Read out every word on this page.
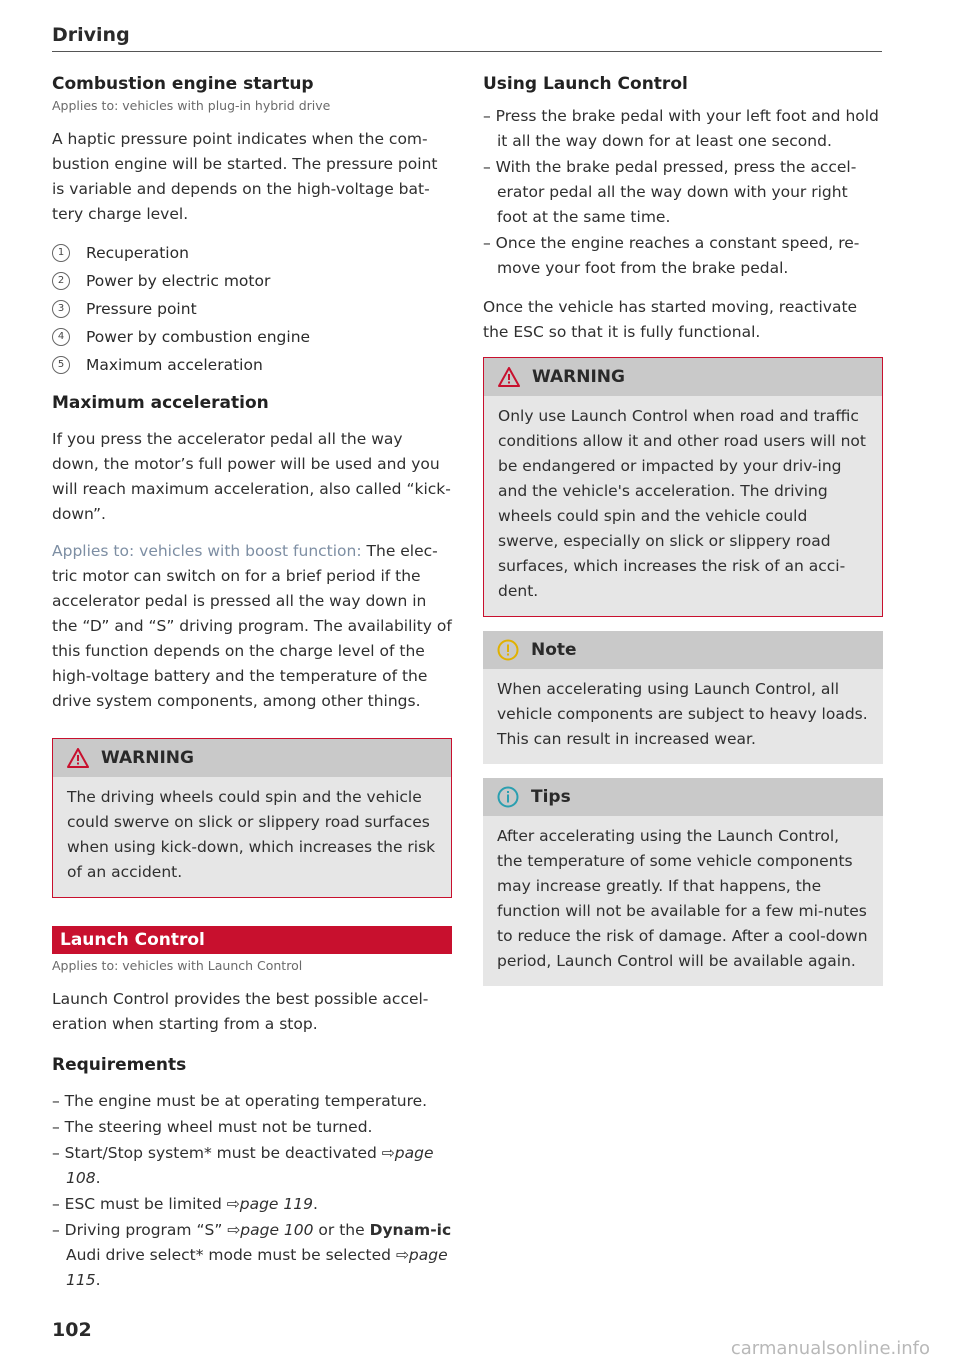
Driving
Combustion engine startup
Applies to: vehicles with plug-in hybrid drive

A haptic pressure point indicates when the com-bustion engine will be started. The pressure point is variable and depends on the high-voltage bat-tery charge level.

1	Recuperation
2	Power by electric motor
3	Pressure point
4	Power by combustion engine
5	Maximum acceleration
Maximum acceleration

If you press the accelerator pedal all the way down, the motor’s full power will be used and you will reach maximum acceleration, also called “kick-down”.

Applies to: vehicles with boost function: The elec-tric motor can switch on for a brief period if the accelerator pedal is pressed all the way down in the “D” and “S” driving program. The availability of this function depends on the charge level of the high-voltage battery and the temperature of the drive system components, among other things.

WARNING

The driving wheels could spin and the vehicle could swerve on slick or slippery road surfaces when using kick-down, which increases the risk of an accident.

Launch Control
Applies to: vehicles with Launch Control

Launch Control provides the best possible accel-eration when starting from a stop.

Requirements
– The engine must be at operating temperature.
– The steering wheel must not be turned.
– Start/Stop system* must be deactivated ⇨page 108.
– ESC must be limited ⇨page 119.
– Driving program “S” ⇨page 100 or the Dynam-ic Audi drive select* mode must be selected ⇨page 115.
Using Launch Control
– Press the brake pedal with your left foot and hold it all the way down for at least one second.
– With the brake pedal pressed, press the accel-erator pedal all the way down with your right foot at the same time.
– Once the engine reaches a constant speed, re-move your foot from the brake pedal.

Once the vehicle has started moving, reactivate the ESC so that it is fully functional.

WARNING

Only use Launch Control when road and traffic conditions allow it and other road users will not be endangered or impacted by your driv-ing and the vehicle's acceleration. The driving wheels could spin and the vehicle could swerve, especially on slick or slippery road surfaces, which increases the risk of an acci-dent.

Note

When accelerating using Launch Control, all vehicle components are subject to heavy loads. This can result in increased wear.

Tips

After accelerating using the Launch Control, the temperature of some vehicle components may increase greatly. If that happens, the function will not be available for a few mi-nutes to reduce the risk of damage. After a cool-down period, Launch Control will be available again.

102
carmanualsonline.info
